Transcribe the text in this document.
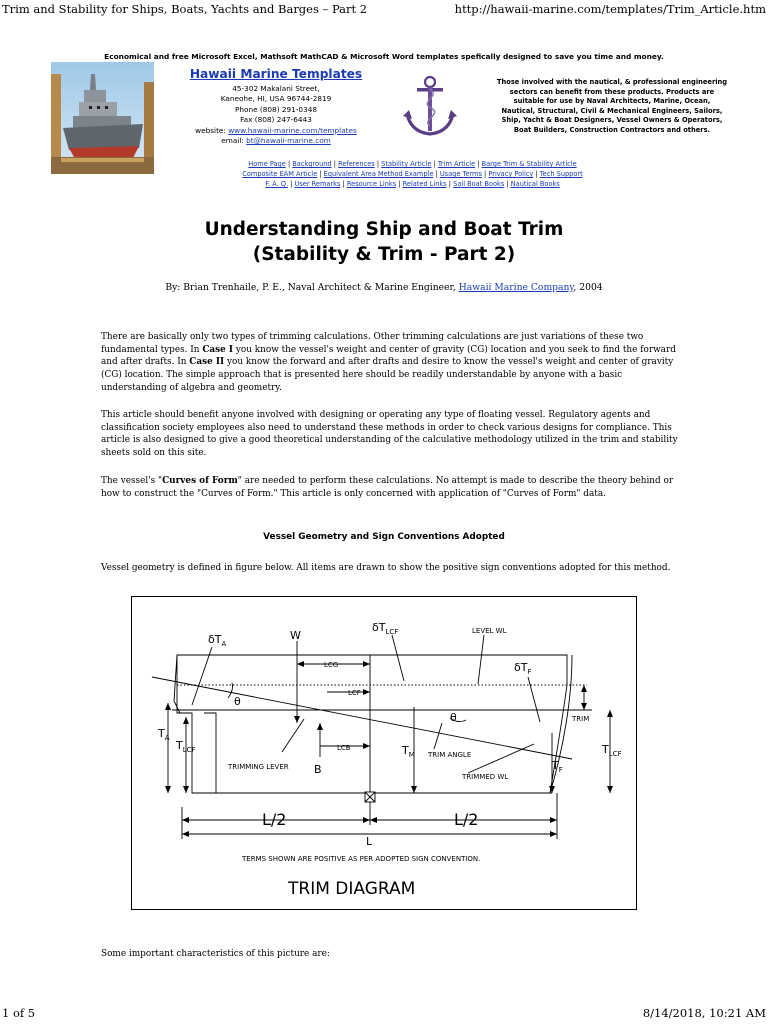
Trim and Stability for Ships, Boats, Yachts and Barges – Part 2	http://hawaii-marine.com/templates/Trim_Article.htm
Economical and free Microsoft Excel, Mathsoft MathCAD & Microsoft Word templates spefically designed to save you time and money.
Hawaii Marine Templates
45-302 Makalani Street,
Kaneohe, HI, USA 96744-2819
Phone (808) 291-0348
Fax (808) 247-6443
website: www.hawaii-marine.com/templates
email: bt@hawaii-marine.com
Those involved with the nautical, & professional engineering sectors can benefit from these products. Products are suitable for use by Naval Architects, Marine, Ocean, Nautical, Structural, Civil & Mechanical Engineers, Sailors, Ship, Yacht & Boat Designers, Vessel Owners & Operators, Boat Builders, Construction Contractors and others.
Home Page | Background | References | Stability Article | Trim Article | Barge Trim & Stability Article
Composite EAM Article | Equivalent Area Method Example | Usage Terms | Privacy Policy | Tech Support
F. A. Q. | User Remarks | Resource Links | Related Links | Sail Boat Books | Nautical Books
Understanding Ship and Boat Trim
(Stability & Trim - Part 2)
By: Brian Trenhaile, P. E., Naval Architect & Marine Engineer, Hawaii Marine Company, 2004
There are basically only two types of trimming calculations. Other trimming calculations are just variations of these two fundamental types. In Case I you know the vessel's weight and center of gravity (CG) location and you seek to find the forward and after drafts. In Case II you know the forward and after drafts and desire to know the vessel's weight and center of gravity (CG) location. The simple approach that is presented here should be readily understandable by anyone with a basic understanding of algebra and geometry.
This article should benefit anyone involved with designing or operating any type of floating vessel. Regulatory agents and classification society employees also need to understand these methods in order to check various designs for compliance. This article is also designed to give a good theoretical understanding of the calculative methodology utilized in the trim and stability sheets sold on this site.
The vessel's "Curves of Form" are needed to perform these calculations. No attempt is made to describe the theory behind or how to construct the "Curves of Form." This article is only concerned with application of "Curves of Form" data.
Vessel Geometry and Sign Conventions Adopted
Vessel geometry is defined in figure below. All items are drawn to show the positive sign conventions adopted for this method.
$\delta T_A$
W
$\delta T_{LCF}$	LEVEL WL
$\delta T_F$
LCG
LCF
θ
θ	TRIM
$T_A$
$T_{LCF}$	LCB	$T_M$ TRIM ANGLE
TRIMMING LEVER B
TRIMMED WL
$T_F$
$T_{LCF}$
L/2	L/2
L
TERMS SHOWN ARE POSITIVE AS PER ADOPTED SIGN CONVENTION.
TRIM DIAGRAM
Some important characteristics of this picture are:
1 of 5	8/14/2018, 10:21 AM
